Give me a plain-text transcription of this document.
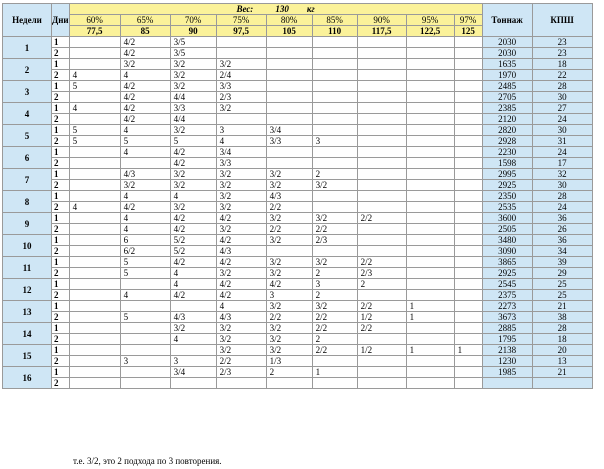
Недели	Дни	Вес: 130 кг									Тоннаж	КПШ
		60%	65%	70%	75%	80%	85%	90%	95%	97%		
		77,5	85	90	97,5	105	110	117,5	122,5	125		
1	1		4/2	3/5							2030	23
	2		4/2	3/5							2030	23
2	1		3/2	3/2	3/2						1635	18
	2	4	4	3/2	2/4						1970	22
3	1	5	4/2	3/2	3/3						2485	28
	2		4/2	4/4	2/3						2705	30
4	1	4	4/2	3/3	3/2						2385	27
	2		4/2	4/4							2120	24
5	1	5	4	3/2	3	3/4					2820	30
	2	5	5	5	4	3/3	3				2928	31
6	1		4	4/2	3/4						2230	24
	2			4/2	3/3						1598	17
7	1		4/3	3/2	3/2	3/2	2				2995	32
	2		3/2	3/2	3/2	3/2	3/2				2925	30
8	1		4	4	3/2	4/3					2350	28
	2	4	4/2	3/2	3/2	2/2					2535	24
9	1		4	4/2	4/2	3/2	3/2	2/2			3600	36
	2		4	4/2	3/2	2/2	2/2				2505	26
10	1		6	5/2	4/2	3/2	2/3				3480	36
	2		6/2	5/2	4/3						3090	34
11	1		5	4/2	4/2	3/2	3/2	2/2			3865	39
	2		5	4	3/2	3/2	2	2/3			2925	29
12	1			4	4/2	4/2	3	2			2545	25
	2		4	4/2	4/2	3	2				2375	25
13	1				4	3/2	3/2	2/2	1		2273	21
	2		5	4/3	4/3	2/2	2/2	1/2	1		3673	38
14	1			3/2	3/2	3/2	2/2	2/2			2885	28
	2			4	3/2	3/2	2				1795	18
15	1				3/2	3/2	2/2	1/2	1	1	2138	20
	2		3	3	2/2	1/3					1230	13
16	1			3/4	2/3	2	1				1985	21
	2											
т.е. 3/2, это 2 подхода по 3 повторения.
